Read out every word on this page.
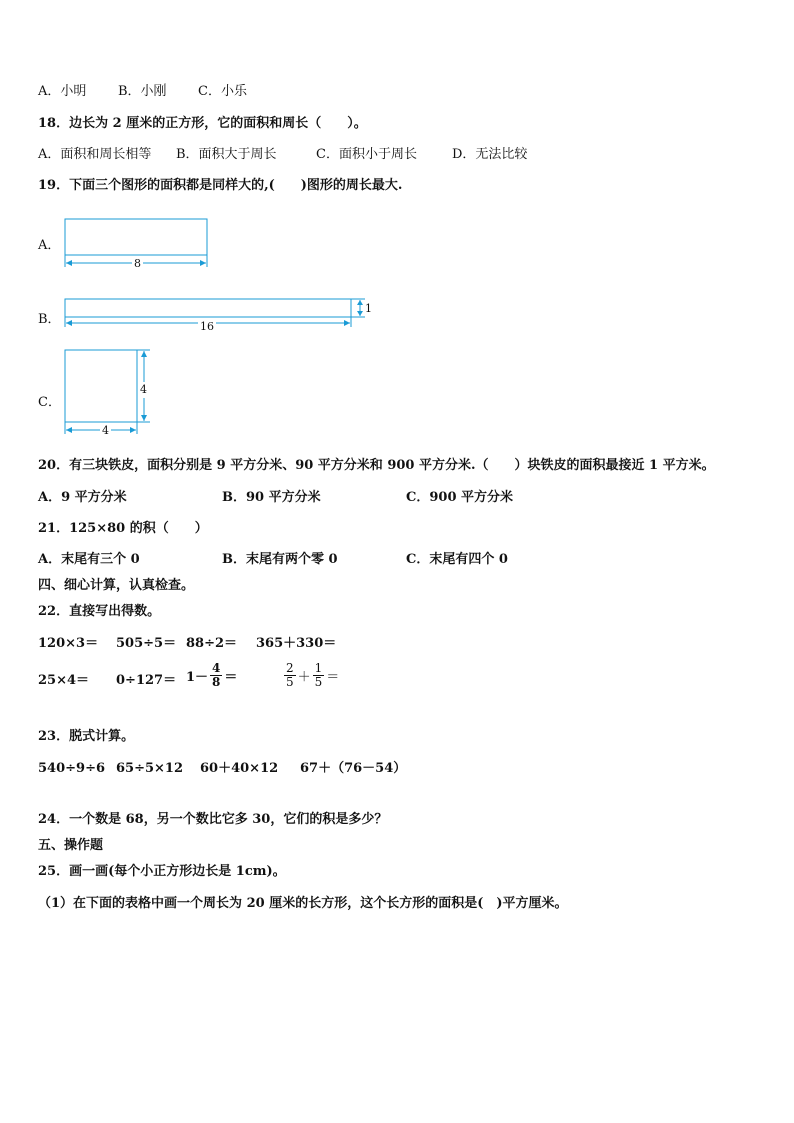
A．小明 B．小刚 C．小乐
18．边长为 2 厘米的正方形，它的面积和周长（　　）。
A．面积和周长相等 B．面积大于周长	C．面积小于周长	D．无法比较
19．下面三个图形的面积都是同样大的,(　　)图形的周长最大.
A．
8
B．
1
16
C．
4
4
20．有三块铁皮，面积分别是 9 平方分米、90 平方分米和 900 平方分米.（　　）块铁皮的面积最接近 1 平方米。
A．9 平方分米	B．90 平方分米	C．900 平方分米
21．125×80 的积（　　）
A．末尾有三个 0	B．末尾有两个零 0	C．末尾有四个 0
四、细心计算，认真检查。
22．直接写出得数。
120×3＝ 505÷5＝ 88÷2＝ 365＋330＝
$25\times 4= 0\div 127= 1- \frac{4}{8}$ ＝	$\frac{2}{5} + \frac{1}{5}$ ＝
23．脱式计算。
540÷9÷6 65÷5×12 60＋40×12 67＋（76－54）
24．一个数是 68，另一个数比它多 30，它们的积是多少？
五、操作题
25．画一画(每个小正方形边长是 1cm)。
（1）在下面的表格中画一个周长为 20 厘米的长方形，这个长方形的面积是(　)平方厘米。
